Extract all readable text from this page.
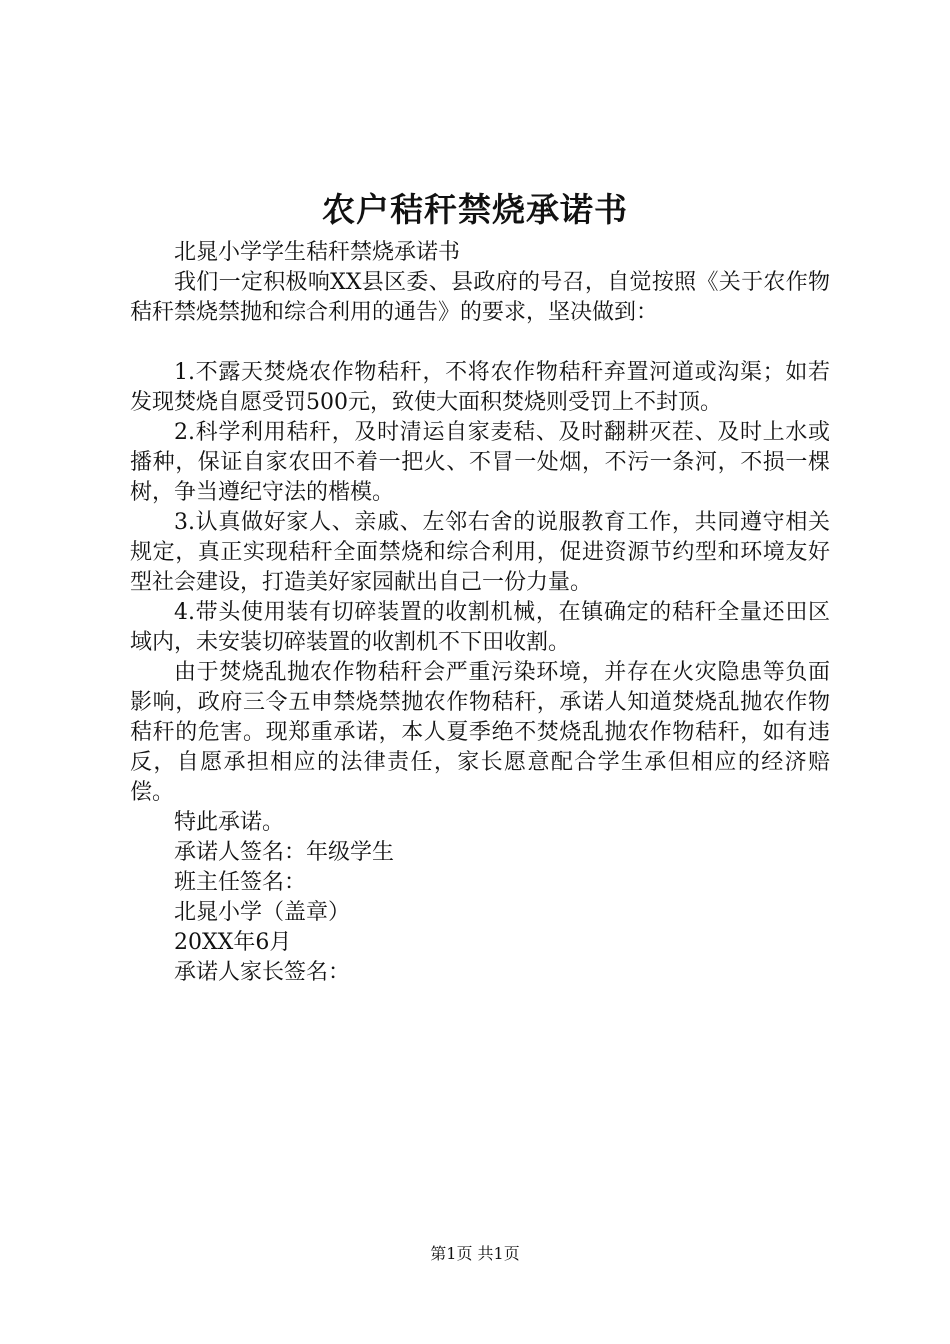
农户秸秆禁烧承诺书

北晁小学学生秸秆禁烧承诺书

我们一定积极响XX县区委、县政府的号召，自觉按照《关于农作物秸秆禁烧禁抛和综合利用的通告》的要求，坚决做到：

1.不露天焚烧农作物秸秆，不将农作物秸秆弃置河道或沟渠；如若发现焚烧自愿受罚500元，致使大面积焚烧则受罚上不封顶。

2.科学利用秸秆，及时清运自家麦秸、及时翻耕灭茬、及时上水或播种，保证自家农田不着一把火、不冒一处烟，不污一条河，不损一棵树，争当遵纪守法的楷模。

3.认真做好家人、亲戚、左邻右舍的说服教育工作，共同遵守相关规定，真正实现秸秆全面禁烧和综合利用，促进资源节约型和环境友好型社会建设，打造美好家园献出自己一份力量。

4.带头使用装有切碎装置的收割机械，在镇确定的秸秆全量还田区域内，未安装切碎装置的收割机不下田收割。

由于焚烧乱抛农作物秸秆会严重污染环境，并存在火灾隐患等负面影响，政府三令五申禁烧禁抛农作物秸秆，承诺人知道焚烧乱抛农作物秸秆的危害。现郑重承诺，本人夏季绝不焚烧乱抛农作物秸秆，如有违反，自愿承担相应的法律责任，家长愿意配合学生承但相应的经济赔偿。

特此承诺。

承诺人签名：年级学生

班主任签名：

北晁小学（盖章）

20XX年6月

承诺人家长签名：

第1页 共1页
